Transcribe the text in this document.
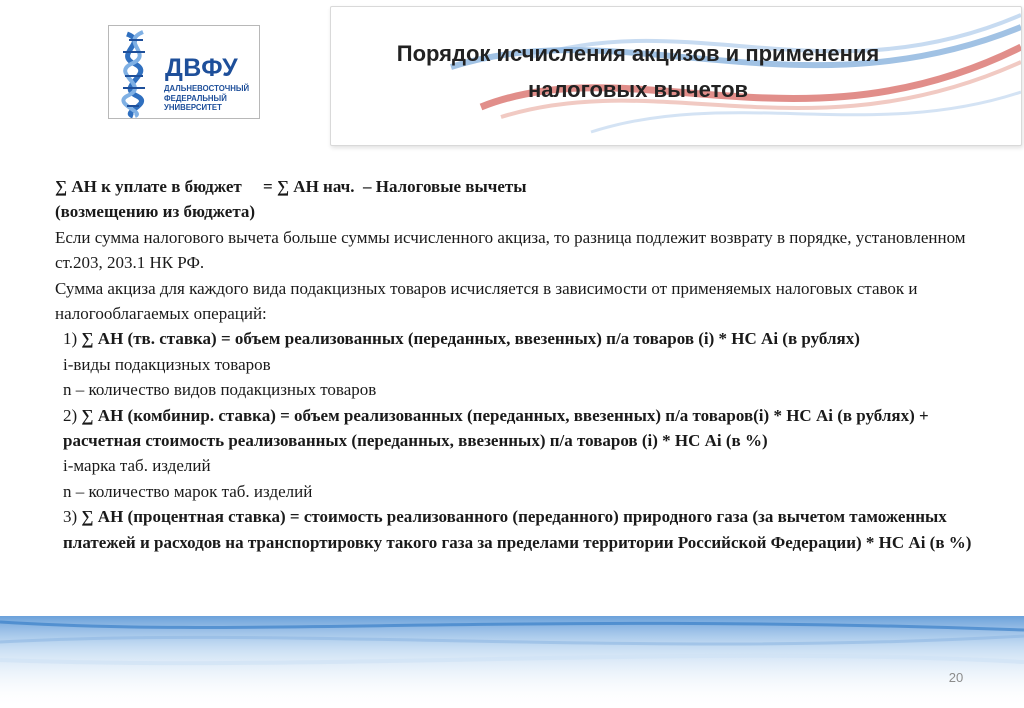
ДВФУ
ДАЛЬНЕВОСТОЧНЫЙ ФЕДЕРАЛЬНЫЙ УНИВЕРСИТЕТ
Порядок исчисления акцизов и применения
налоговых вычетов

∑ АН к уплате в бюджет     = ∑ АН нач.  – Налоговые вычеты

(возмещению из бюджета)

Если сумма налогового вычета больше суммы исчисленного акциза, то разница подлежит возврату в порядке, установленном ст.203, 203.1 НК РФ.

Сумма акциза для каждого вида подакцизных товаров исчисляется в зависимости от применяемых налоговых ставок и налогооблагаемых операций:

1) ∑ АН (тв. ставка) = объем реализованных (переданных, ввезенных) п/а товаров (i) * НС Ai (в рублях)

i-виды подакцизных товаров

n – количество видов подакцизных товаров

2) ∑ АН (комбинир. ставка) = объем реализованных (переданных, ввезенных) п/а товаров(i) * НС Ai (в рублях) + расчетная стоимость реализованных (переданных, ввезенных) п/а товаров (i) * НС Ai (в %)

i-марка таб. изделий

n – количество марок таб. изделий

3) ∑ АН (процентная ставка) = стоимость реализованного (переданного) природного газа (за вычетом таможенных платежей и расходов на транспортировку такого газа за пределами территории Российской Федерации) * НС Ai (в %)

20
